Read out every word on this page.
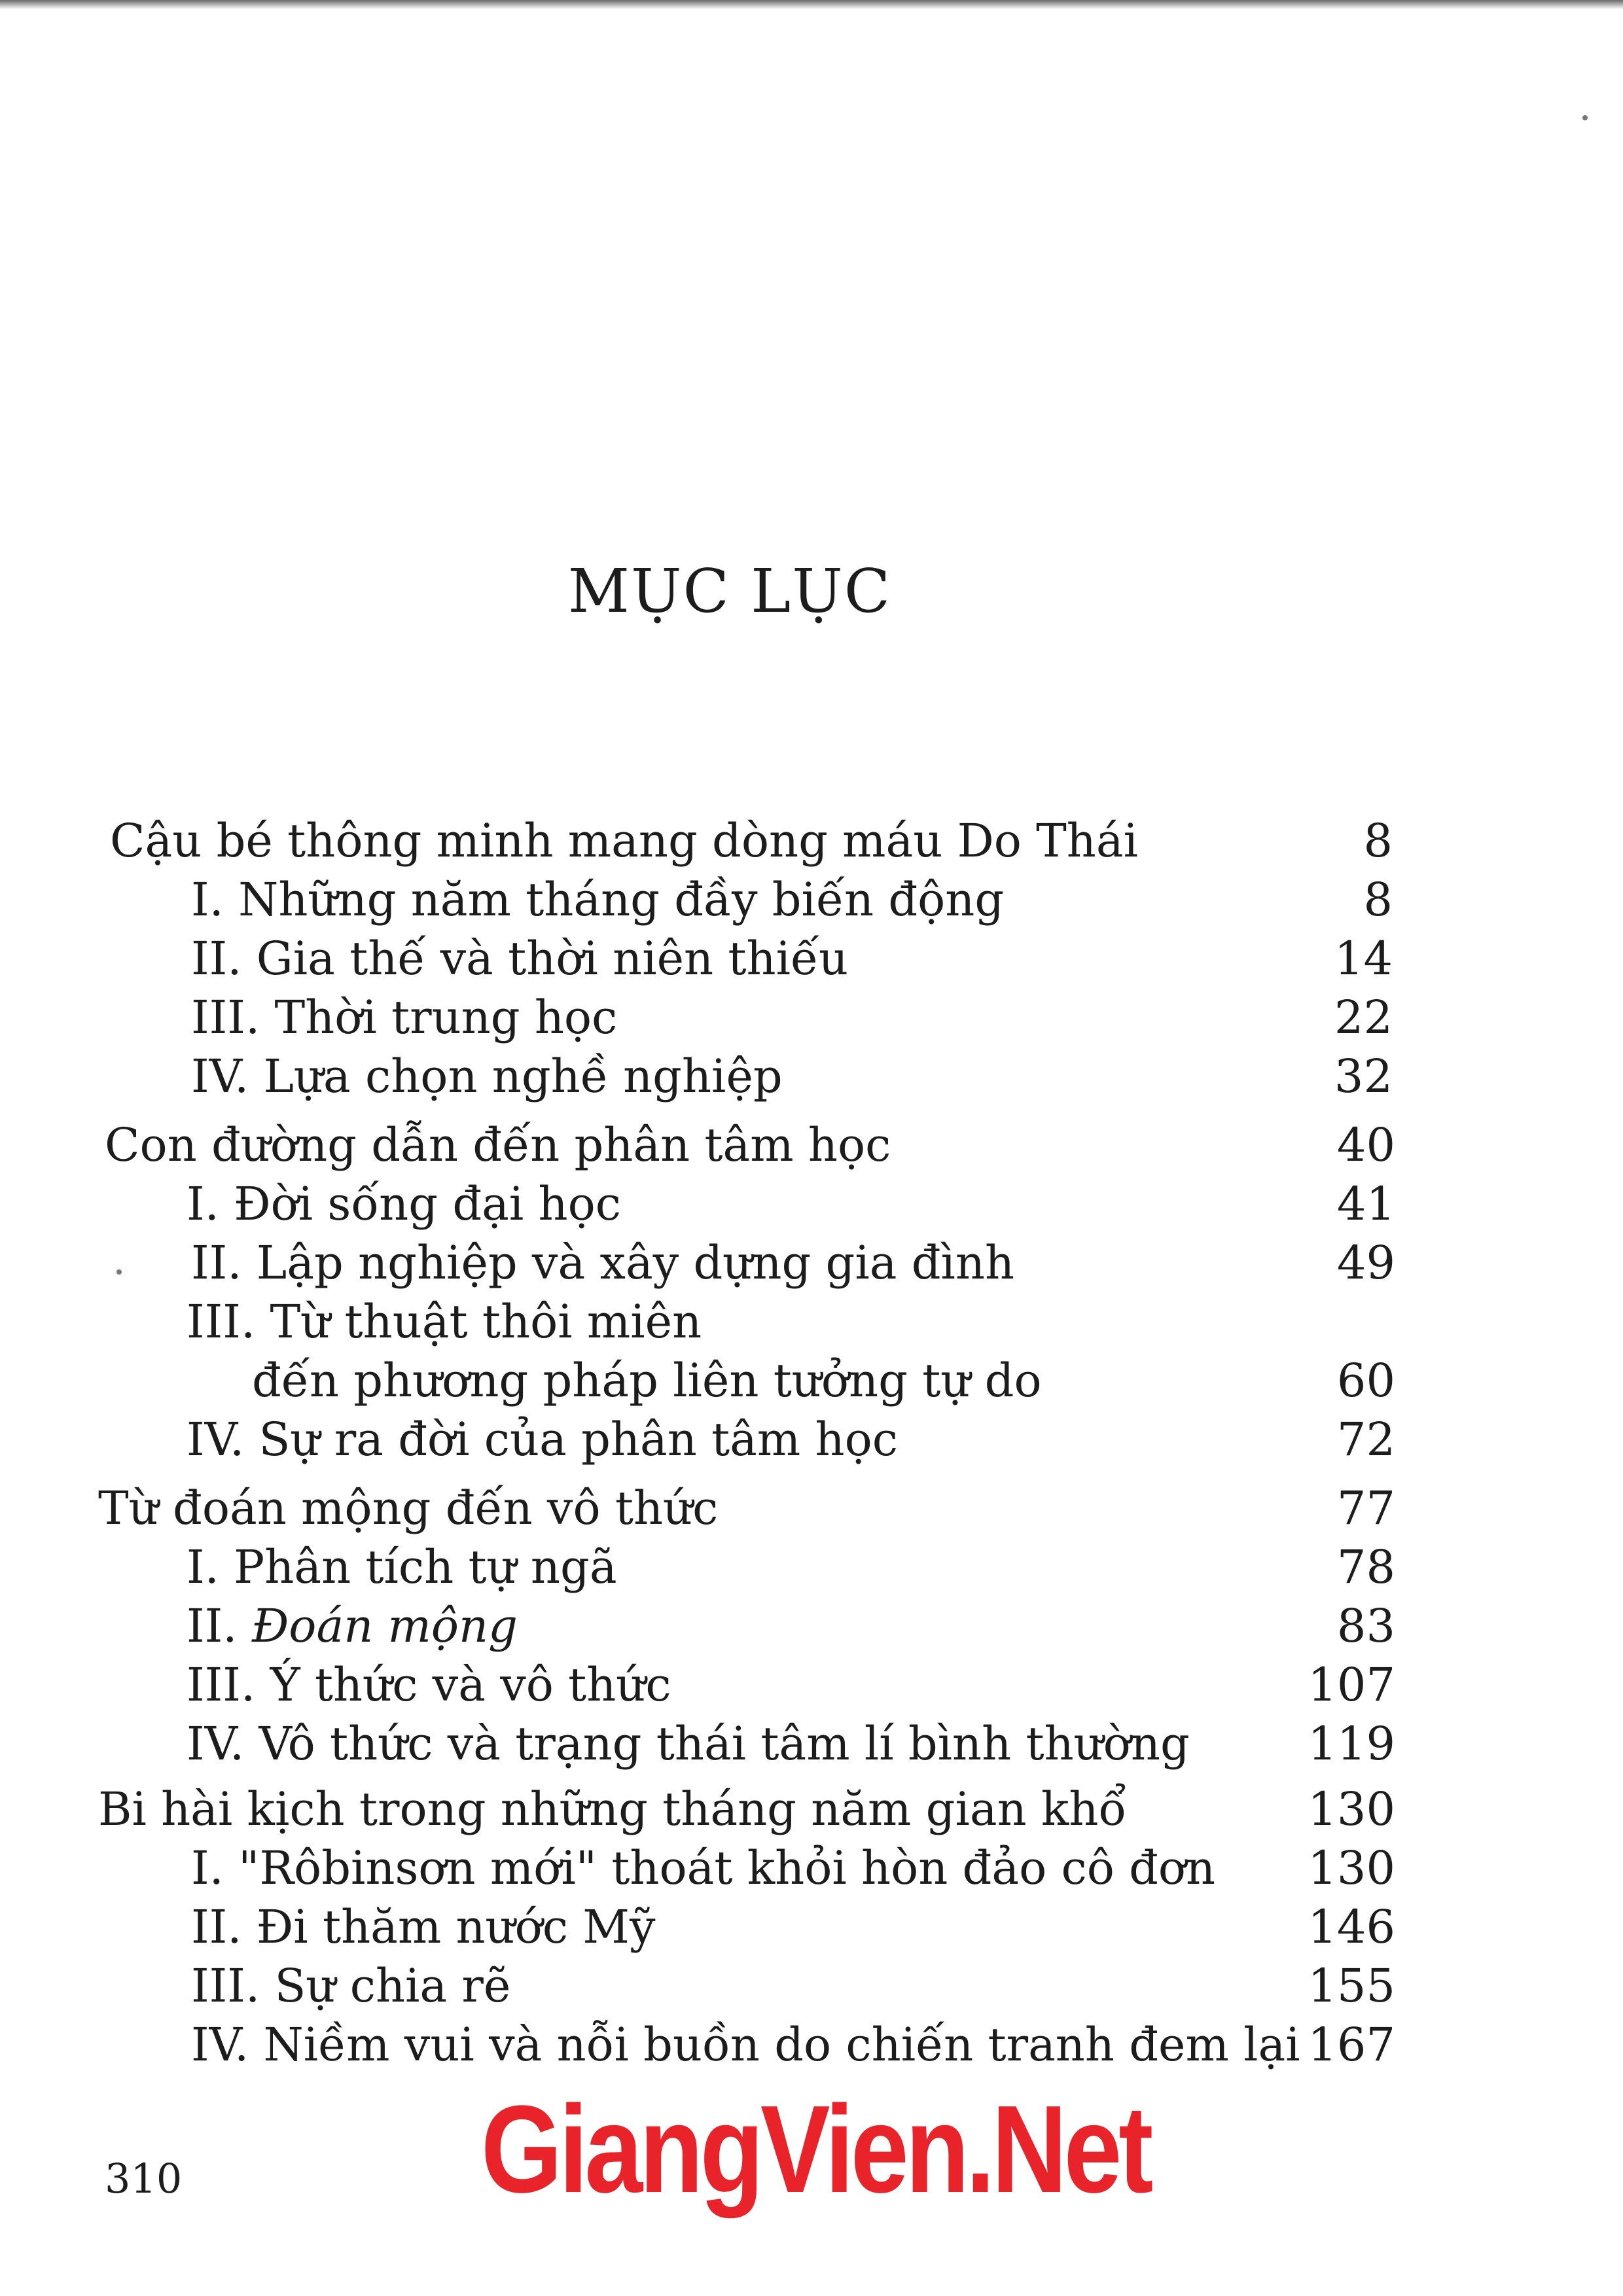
MỤC LỤC
Cậu bé thông minh mang dòng máu Do Thái	8
I. Những năm tháng đầy biến động	8
II. Gia thế và thời niên thiếu	14
III. Thời trung học	22
IV. Lựa chọn nghề nghiệp	32
Con đường dẫn đến phân tâm học	40
I. Đời sống đại học	41
II. Lập nghiệp và xây dựng gia đình	49
III. Từ thuật thôi miên
đến phương pháp liên tưởng tự do	60
IV. Sự ra đời của phân tâm học	72
Từ đoán mộng đến vô thức	77
I. Phân tích tự ngã	78
II. Đoán mộng	83
III. Ý thức và vô thức	107
IV. Vô thức và trạng thái tâm lí bình thường	119
Bi hài kịch trong những tháng năm gian khổ	130
I. "Rôbinsơn mới" thoát khỏi hòn đảo cô đơn	130
II. Đi thăm nước Mỹ	146
III. Sự chia rẽ	155
IV. Niềm vui và nỗi buồn do chiến tranh đem lại 167
310 GiangVien.Net
